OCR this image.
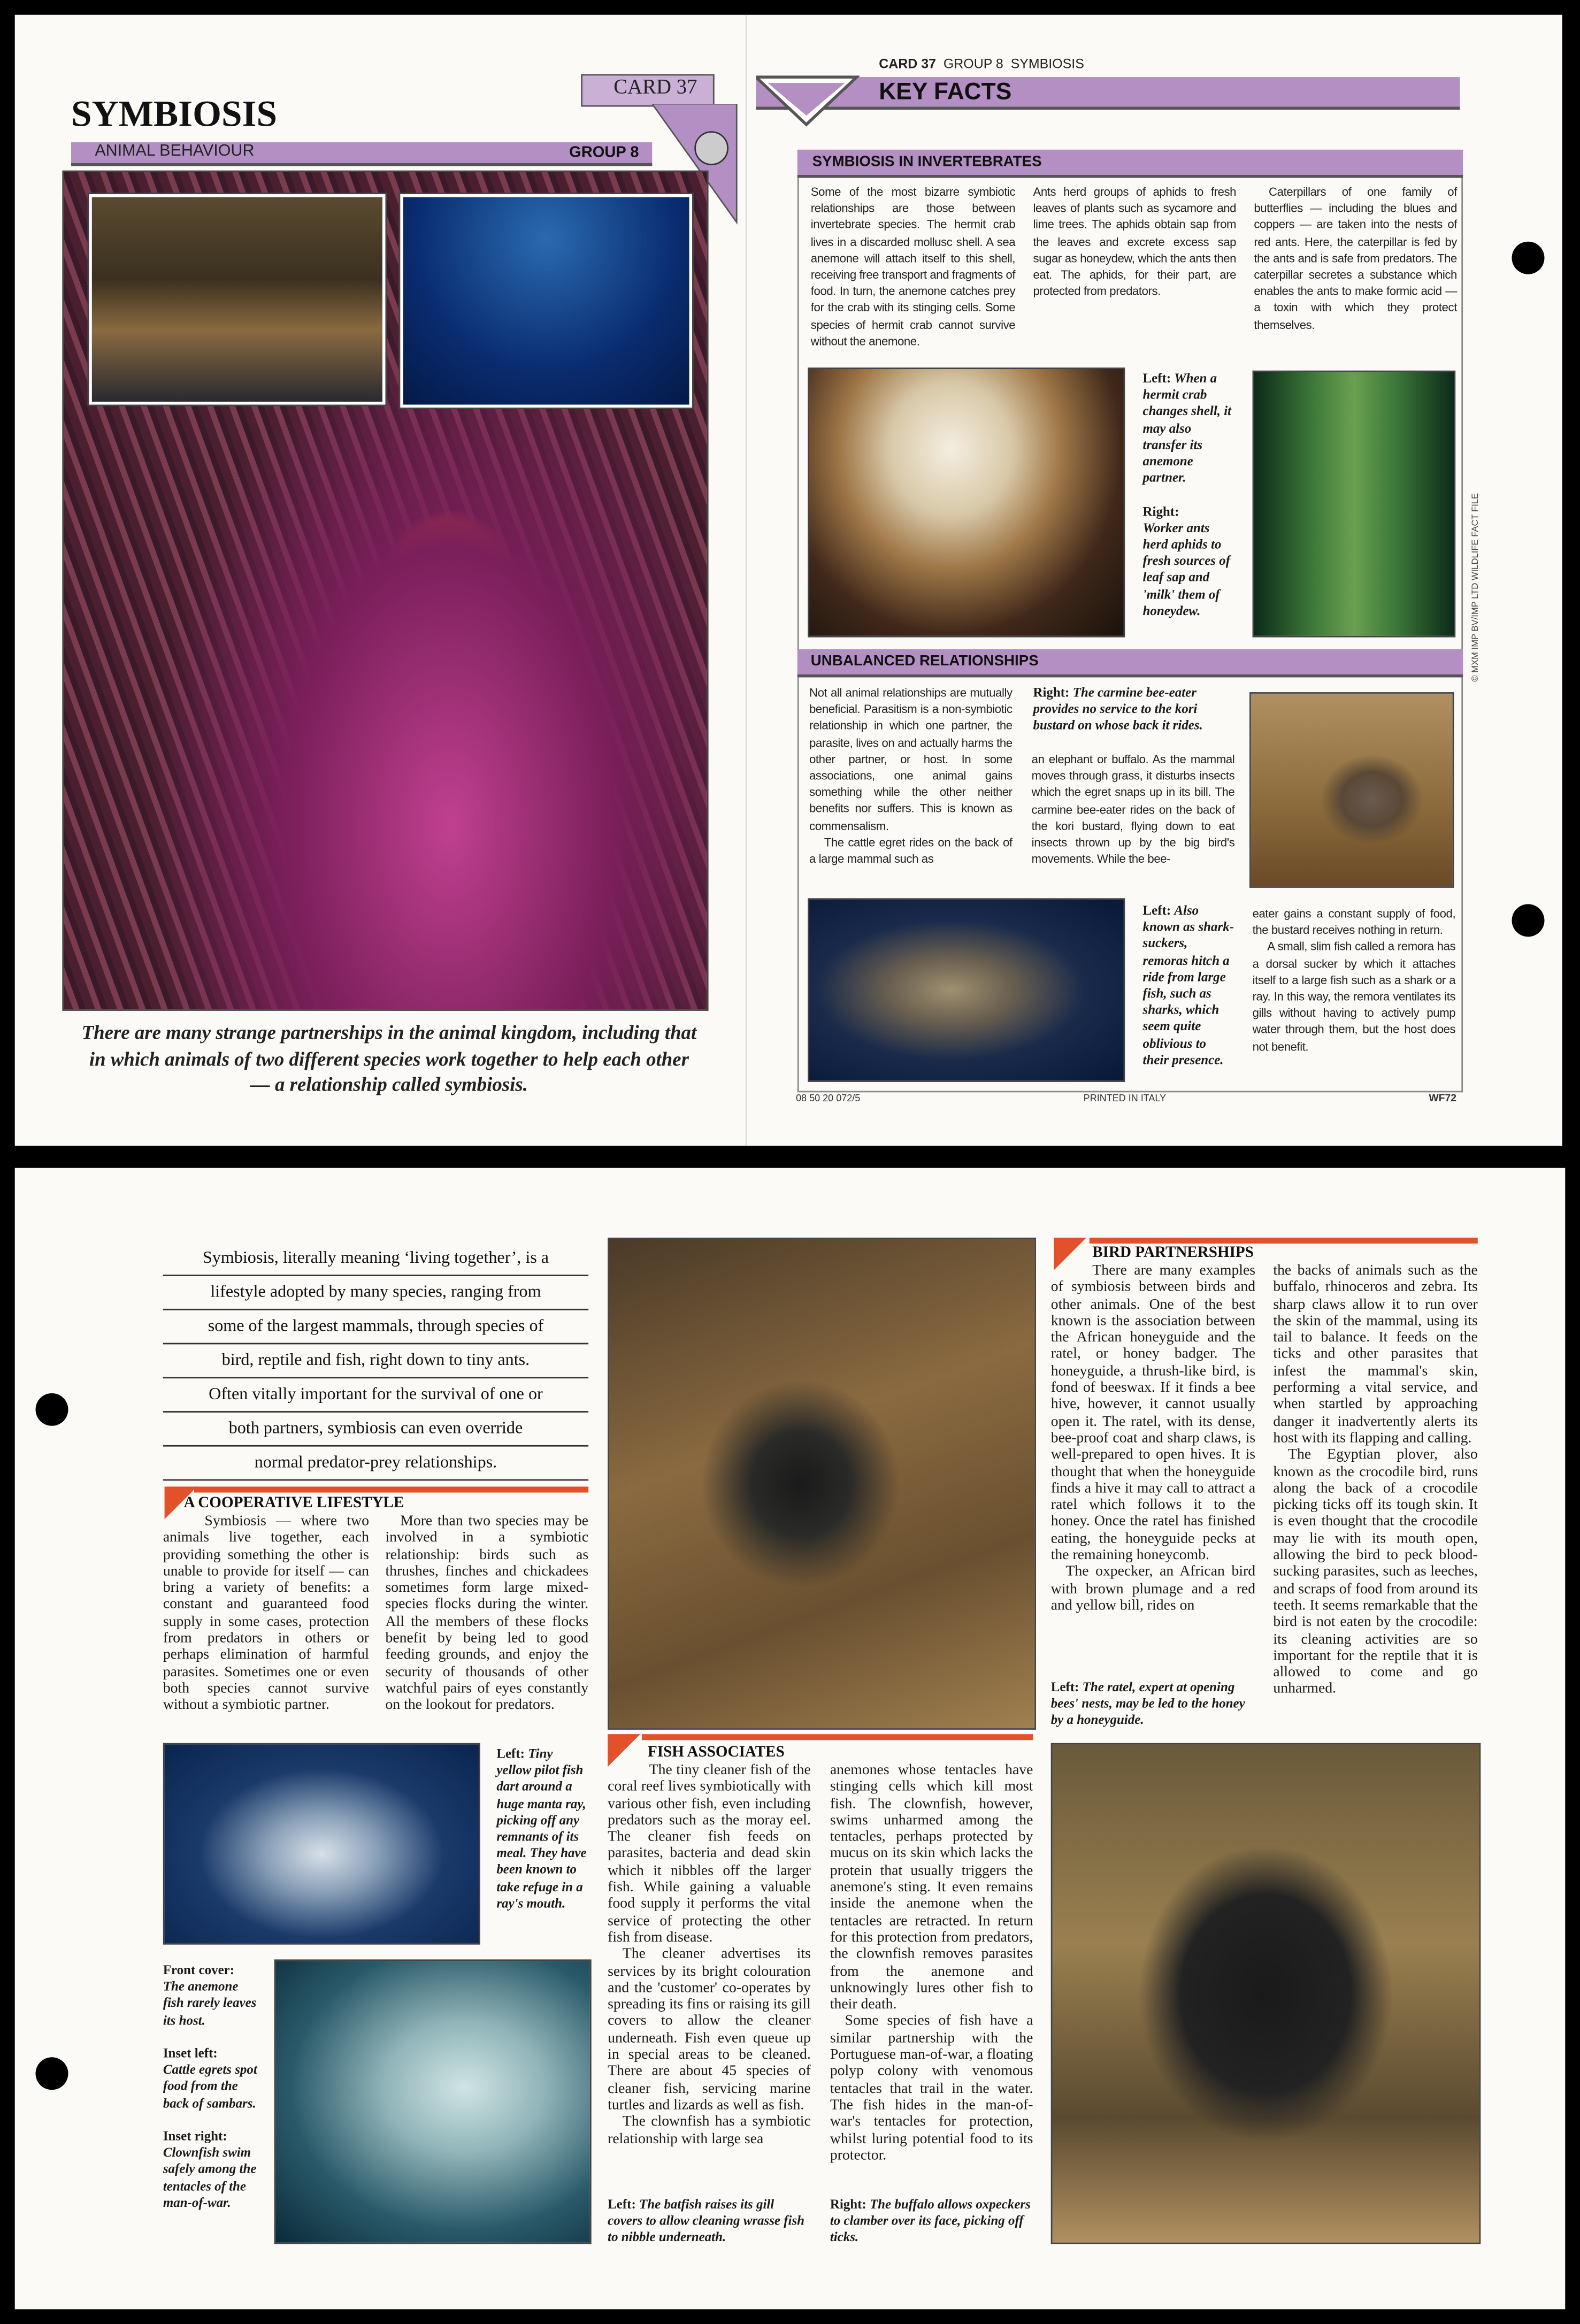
SYMBIOSIS
ANIMAL BEHAVIOUR	GROUP 8
CARD 37
There are many strange partnerships in the animal kingdom, including that in which animals of two different species work together to help each other — a relationship called symbiosis.
CARD 37 GROUP 8 SYMBIOSIS
KEY FACTS
SYMBIOSIS IN INVERTEBRATES

Some of the most bizarre symbiotic relationships are those between invertebrate species. The hermit crab lives in a discarded mollusc shell. A sea anemone will attach itself to this shell, receiving free transport and fragments of food. In turn, the anemone catches prey for the crab with its stinging cells. Some species of hermit crab cannot survive without the anemone.

Ants herd groups of aphids to fresh leaves of plants such as sycamore and lime trees. The aphids obtain sap from the leaves and excrete excess sap sugar as honeydew, which the ants then eat. The aphids, for their part, are protected from predators.

Caterpillars of one family of butterflies — including the blues and coppers — are taken into the nests of red ants. Here, the caterpillar is fed by the ants and is safe from predators. The caterpillar secretes a substance which enables the ants to make formic acid — a toxin with which they protect themselves.

Left: When a hermit crab changes shell, it may also transfer its anemone partner.

Right:
Worker ants herd aphids to fresh sources of leaf sap and 'milk' them of honeydew.
UNBALANCED RELATIONSHIPS

Not all animal relationships are mutually beneficial. Parasitism is a non-symbiotic relationship in which one partner, the parasite, lives on and actually harms the other partner, or host. In some associations, one animal gains something while the other neither benefits nor suffers. This is known as commensalism.

The cattle egret rides on the back of a large mammal such as

Right: The carmine bee-eater provides no service to the kori bustard on whose back it rides.

an elephant or buffalo. As the mammal moves through grass, it disturbs insects which the egret snaps up in its bill. The carmine bee-eater rides on the back of the kori bustard, flying down to eat insects thrown up by the big bird's movements. While the bee-

Left: Also known as shark-suckers, remoras hitch a ride from large fish, such as sharks, which seem quite oblivious to their presence.

eater gains a constant supply of food, the bustard receives nothing in return.

A small, slim fish called a remora has a dorsal sucker by which it attaches itself to a large fish such as a shark or a ray. In this way, the remora ventilates its gills without having to actively pump water through them, but the host does not benefit.

08 50 20 072/5	PRINTED IN ITALY	WF72
© MXM IMP BV/IMP LTD WILDLIFE FACT FILE
Symbiosis, literally meaning ‘living together’, is a
lifestyle adopted by many species, ranging from
some of the largest mammals, through species of
bird, reptile and fish, right down to tiny ants.
Often vitally important for the survival of one or
both partners, symbiosis can even override
normal predator-prey relationships.
A COOPERATIVE LIFESTYLE

Symbiosis — where two animals live together, each providing something the other is unable to provide for itself — can bring a variety of benefits: a constant and guaranteed food supply in some cases, protection from predators in others or perhaps elimination of harmful parasites. Sometimes one or even both species cannot survive without a symbiotic partner.

More than two species may be involved in a symbiotic relationship: birds such as thrushes, finches and chickadees sometimes form large mixed-species flocks during the winter. All the members of these flocks benefit by being led to good feeding grounds, and enjoy the security of thousands of other watchful pairs of eyes constantly on the lookout for predators.

Left: Tiny yellow pilot fish dart around a huge manta ray, picking off any remnants of its meal. They have been known to take refuge in a ray's mouth.
Front cover:
The anemone fish rarely leaves its host.

Inset left:
Cattle egrets spot food from the back of sambars.

Inset right:
Clownfish swim safely among the tentacles of the man-of-war.
BIRD PARTNERSHIPS

There are many examples of symbiosis between birds and other animals. One of the best known is the association between the African honeyguide and the ratel, or honey badger. The honeyguide, a thrush-like bird, is fond of beeswax. If it finds a bee hive, however, it cannot usually open it. The ratel, with its dense, bee-proof coat and sharp claws, is well-prepared to open hives. It is thought that when the honeyguide finds a hive it may call to attract a ratel which follows it to the honey. Once the ratel has finished eating, the honeyguide pecks at the remaining honeycomb.

The oxpecker, an African bird with brown plumage and a red and yellow bill, rides on

Left: The ratel, expert at opening bees' nests, may be led to the honey by a honeyguide.

the backs of animals such as the buffalo, rhinoceros and zebra. Its sharp claws allow it to run over the skin of the mammal, using its tail to balance. It feeds on the ticks and other parasites that infest the mammal's skin, performing a vital service, and when startled by approaching danger it inadvertently alerts its host with its flapping and calling.

The Egyptian plover, also known as the crocodile bird, runs along the back of a crocodile picking ticks off its tough skin. It is even thought that the crocodile may lie with its mouth open, allowing the bird to peck blood-sucking parasites, such as leeches, and scraps of food from around its teeth. It seems remarkable that the bird is not eaten by the crocodile: its cleaning activities are so important for the reptile that it is allowed to come and go unharmed.

FISH ASSOCIATES

The tiny cleaner fish of the coral reef lives symbiotically with various other fish, even including predators such as the moray eel. The cleaner fish feeds on parasites, bacteria and dead skin which it nibbles off the larger fish. While gaining a valuable food supply it performs the vital service of protecting the other fish from disease.

The cleaner advertises its services by its bright colouration and the 'customer' co-operates by spreading its fins or raising its gill covers to allow the cleaner underneath. Fish even queue up in special areas to be cleaned. There are about 45 species of cleaner fish, servicing marine turtles and lizards as well as fish.

The clownfish has a symbiotic relationship with large sea

anemones whose tentacles have stinging cells which kill most fish. The clownfish, however, swims unharmed among the tentacles, perhaps protected by mucus on its skin which lacks the protein that usually triggers the anemone's sting. It even remains inside the anemone when the tentacles are retracted. In return for this protection from predators, the clownfish removes parasites from the anemone and unknowingly lures other fish to their death.

Some species of fish have a similar partnership with the Portuguese man-of-war, a floating polyp colony with venomous tentacles that trail in the water. The fish hides in the man-of-war's tentacles for protection, whilst luring potential food to its protector.

Left: The batfish raises its gill covers to allow cleaning wrasse fish to nibble underneath.
Right: The buffalo allows oxpeckers to clamber over its face, picking off ticks.
